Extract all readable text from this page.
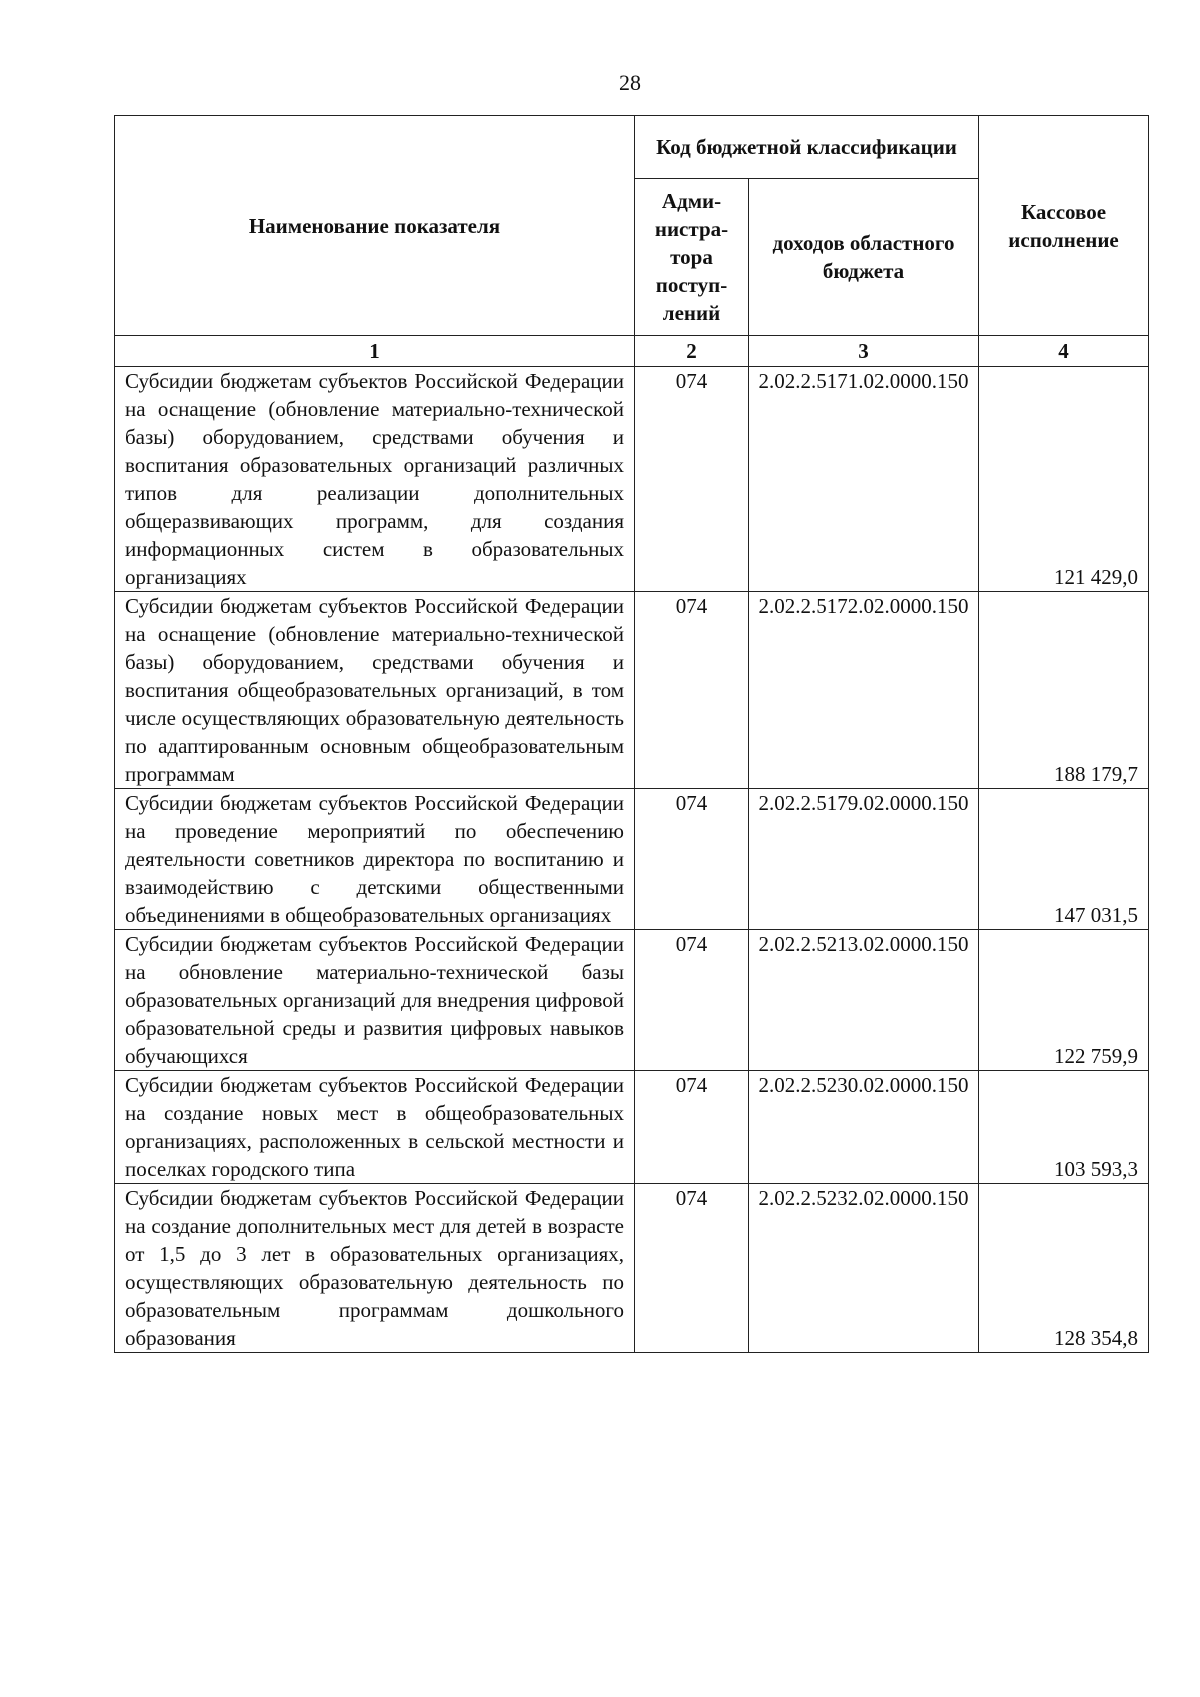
28
Наименование показателя	Код бюджетной классификации		Кассовое исполнение
	Адми-нистра-тора поступ-лений	доходов областного бюджета	
1	2	3	4
Субсидии бюджетам субъектов Российской Федерации на оснащение (обновление материально-технической базы) оборудованием, средствами обучения и воспитания образовательных организаций различных типов для реализации дополнительных общеразвивающих программ, для создания информационных систем в образовательных организациях	074	2.02.2.5171.02.0000.150	121 429,0
Субсидии бюджетам субъектов Российской Федерации на оснащение (обновление материально-технической базы) оборудованием, средствами обучения и воспитания общеобразовательных организаций, в том числе осуществляющих образовательную деятельность по адаптированным основным общеобразовательным программам	074	2.02.2.5172.02.0000.150	188 179,7
Субсидии бюджетам субъектов Российской Федерации на проведение мероприятий по обеспечению деятельности советников директора по воспитанию и взаимодействию с детскими общественными объединениями в общеобразовательных организациях	074	2.02.2.5179.02.0000.150	147 031,5
Субсидии бюджетам субъектов Российской Федерации на обновление материально-технической базы образовательных организаций для внедрения цифровой образовательной среды и развития цифровых навыков обучающихся	074	2.02.2.5213.02.0000.150	122 759,9
Субсидии бюджетам субъектов Российской Федерации на создание новых мест в общеобразовательных организациях, расположенных в сельской местности и поселках городского типа	074	2.02.2.5230.02.0000.150	103 593,3
Субсидии бюджетам субъектов Российской Федерации на создание дополнительных мест для детей в возрасте от 1,5 до 3 лет в образовательных организациях, осуществляющих образовательную деятельность по образовательным программам дошкольного образования	074	2.02.2.5232.02.0000.150	128 354,8
